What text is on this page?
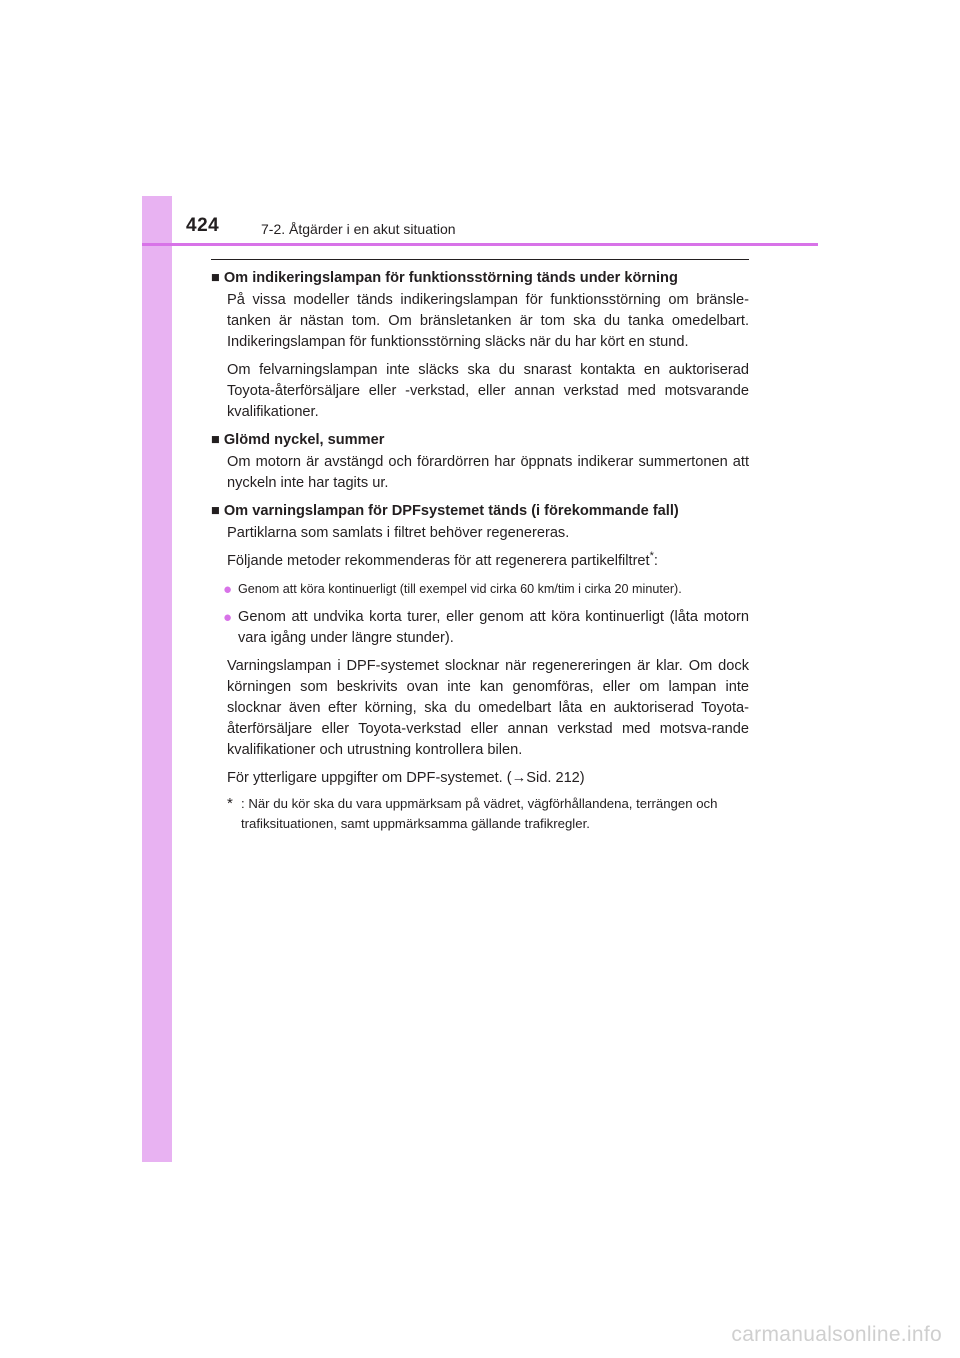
424	7-2. Åtgärder i en akut situation
■ Om indikeringslampan för funktionsstörning tänds under körning

På vissa modeller tänds indikeringslampan för funktionsstörning om bränsle-tanken är nästan tom. Om bränsletanken är tom ska du tanka omedelbart. Indikeringslampan för funktionsstörning släcks när du har kört en stund.

Om felvarningslampan inte släcks ska du snarast kontakta en auktoriserad Toyota-återförsäljare eller -verkstad, eller annan verkstad med motsvarande kvalifikationer.

■ Glömd nyckel, summer

Om motorn är avstängd och förardörren har öppnats indikerar summertonen att nyckeln inte har tagits ur.

■ Om varningslampan för DPFsystemet tänds (i förekommande fall)

Partiklarna som samlats i filtret behöver regenereras.

Följande metoder rekommenderas för att regenerera partikelfiltret*:

● Genom att köra kontinuerligt (till exempel vid cirka 60 km/tim i cirka 20 minuter).
● Genom att undvika korta turer, eller genom att köra kontinuerligt (låta motorn vara igång under längre stunder).

Varningslampan i DPF-systemet slocknar när regenereringen är klar. Om dock körningen som beskrivits ovan inte kan genomföras, eller om lampan inte slocknar även efter körning, ska du omedelbart låta en auktoriserad Toyota-återförsäljare eller Toyota-verkstad eller annan verkstad med motsva-rande kvalifikationer och utrustning kontrollera bilen.

För ytterligare uppgifter om DPF-systemet. (→Sid. 212)

* : När du kör ska du vara uppmärksam på vädret, vägförhållandena, terrängen och trafiksituationen, samt uppmärksamma gällande trafikregler.
carmanualsonline.info
